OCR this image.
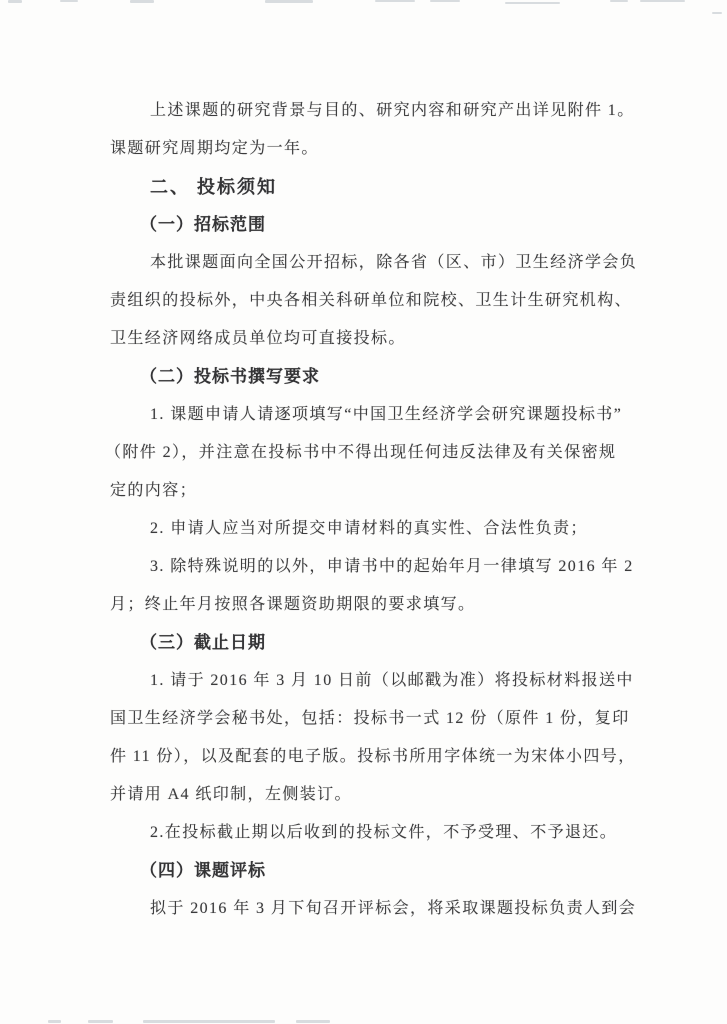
上述课题的研究背景与目的、研究内容和研究产出详见附件 1。
课题研究周期均定为一年。
二、 投标须知
（一）招标范围
本批课题面向全国公开招标，除各省（区、市）卫生经济学会负
责组织的投标外，中央各相关科研单位和院校、卫生计生研究机构、
卫生经济网络成员单位均可直接投标。
（二）投标书撰写要求
1. 课题申请人请逐项填写“中国卫生经济学会研究课题投标书”
（附件 2），并注意在投标书中不得出现任何违反法律及有关保密规
定的内容；
2. 申请人应当对所提交申请材料的真实性、合法性负责；
3. 除特殊说明的以外，申请书中的起始年月一律填写 2016 年 2
月；终止年月按照各课题资助期限的要求填写。
（三）截止日期
1. 请于 2016 年 3 月 10 日前（以邮戳为准）将投标材料报送中
国卫生经济学会秘书处，包括：投标书一式 12 份（原件 1 份，复印
件 11 份），以及配套的电子版。投标书所用字体统一为宋体小四号，
并请用 A4 纸印制，左侧装订。
2.在投标截止期以后收到的投标文件，不予受理、不予退还。
（四）课题评标
拟于 2016 年 3 月下旬召开评标会，将采取课题投标负责人到会
